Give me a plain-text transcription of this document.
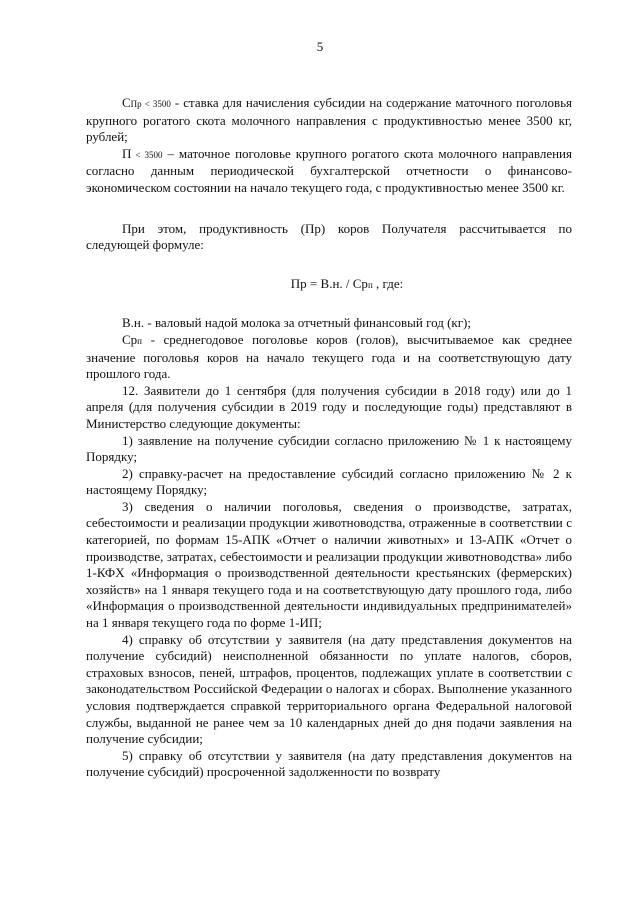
5

СПр < 3500 - ставка для начисления субсидии на содержание маточного поголовья крупного рогатого скота молочного направления с продуктивностью менее 3500 кг, рублей;

П < 3500 – маточное поголовье крупного рогатого скота молочного направления согласно данным периодической бухгалтерской отчетности о финансово-экономическом состоянии на начало текущего года, с продуктивностью менее 3500 кг.

При этом, продуктивность (Пр) коров Получателя рассчитывается по следующей формуле:

Пр = В.н. / Срп , где:

В.н. - валовый надой молока за отчетный финансовый год (кг);

Срп - среднегодовое поголовье коров (голов), высчитываемое как среднее значение поголовья коров на начало текущего года и на соответствующую дату прошлого года.

12. Заявители до 1 сентября (для получения субсидии в 2018 году) или до 1 апреля (для получения субсидии в 2019 году и последующие годы) представляют в Министерство следующие документы:

1) заявление на получение субсидии согласно приложению № 1 к настоящему Порядку;

2) справку-расчет на предоставление субсидий согласно приложению № 2 к настоящему Порядку;

3) сведения о наличии поголовья, сведения о производстве, затратах, себестоимости и реализации продукции животноводства, отраженные в соответствии с категорией, по формам 15-АПК «Отчет о наличии животных» и 13-АПК «Отчет о производстве, затратах, себестоимости и реализации продукции животноводства» либо 1-КФХ «Информация о производственной деятельности крестьянских (фермерских) хозяйств» на 1 января текущего года и на соответствующую дату прошлого года, либо «Информация о производственной деятельности индивидуальных предпринимателей» на 1 января текущего года по форме 1-ИП;

4) справку об отсутствии у заявителя (на дату представления документов на получение субсидий) неисполненной обязанности по уплате налогов, сборов, страховых взносов, пеней, штрафов, процентов, подлежащих уплате в соответствии с законодательством Российской Федерации о налогах и сборах. Выполнение указанного условия подтверждается справкой территориального органа Федеральной налоговой службы, выданной не ранее чем за 10 календарных дней до дня подачи заявления на получение субсидии;

5) справку об отсутствии у заявителя (на дату представления документов на получение субсидий) просроченной задолженности по возврату
